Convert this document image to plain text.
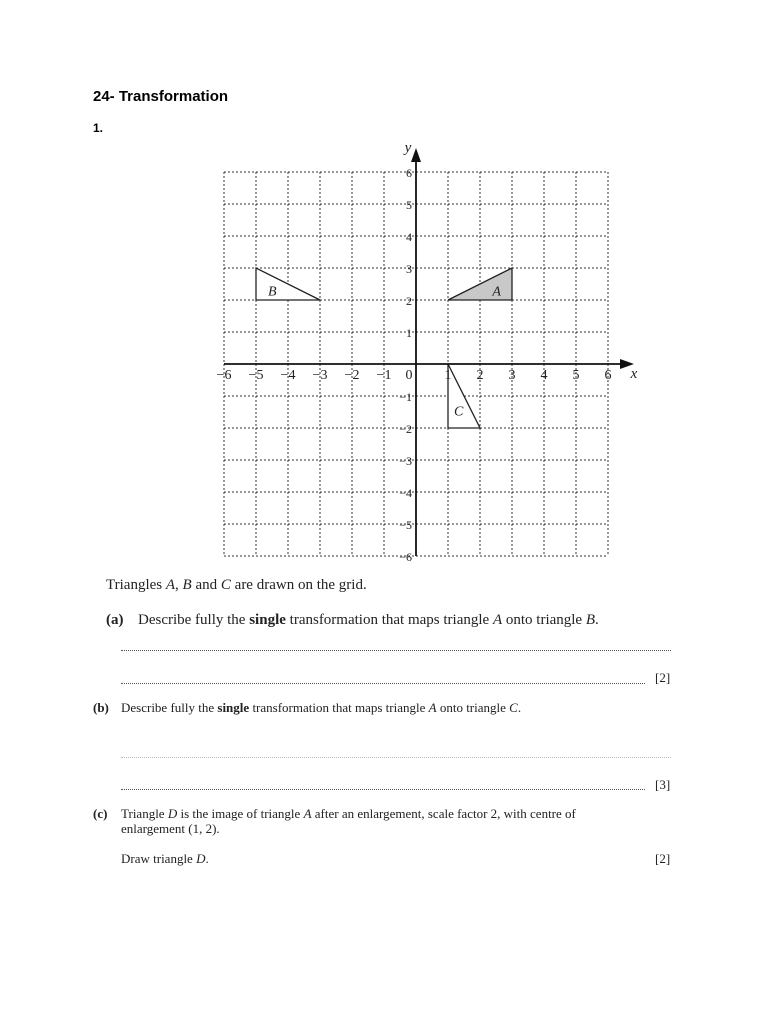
24- Transformation
1.
A
B
C
x
y
−6 −5 −4 −3 −2 −1 0 1 2 3 4 5 6
6
5
4
3
2
1
−1
−2
−3
−4
−5
−6
Triangles A, B and C are drawn on the grid.
(a) Describe fully the single transformation that maps triangle A onto triangle B.
[2]
(b) Describe fully the single transformation that maps triangle A onto triangle C.
[3]
(c) Triangle D is the image of triangle A after an enlargement, scale factor 2, with centre of enlargement (1, 2).
Draw triangle D.	[2]
